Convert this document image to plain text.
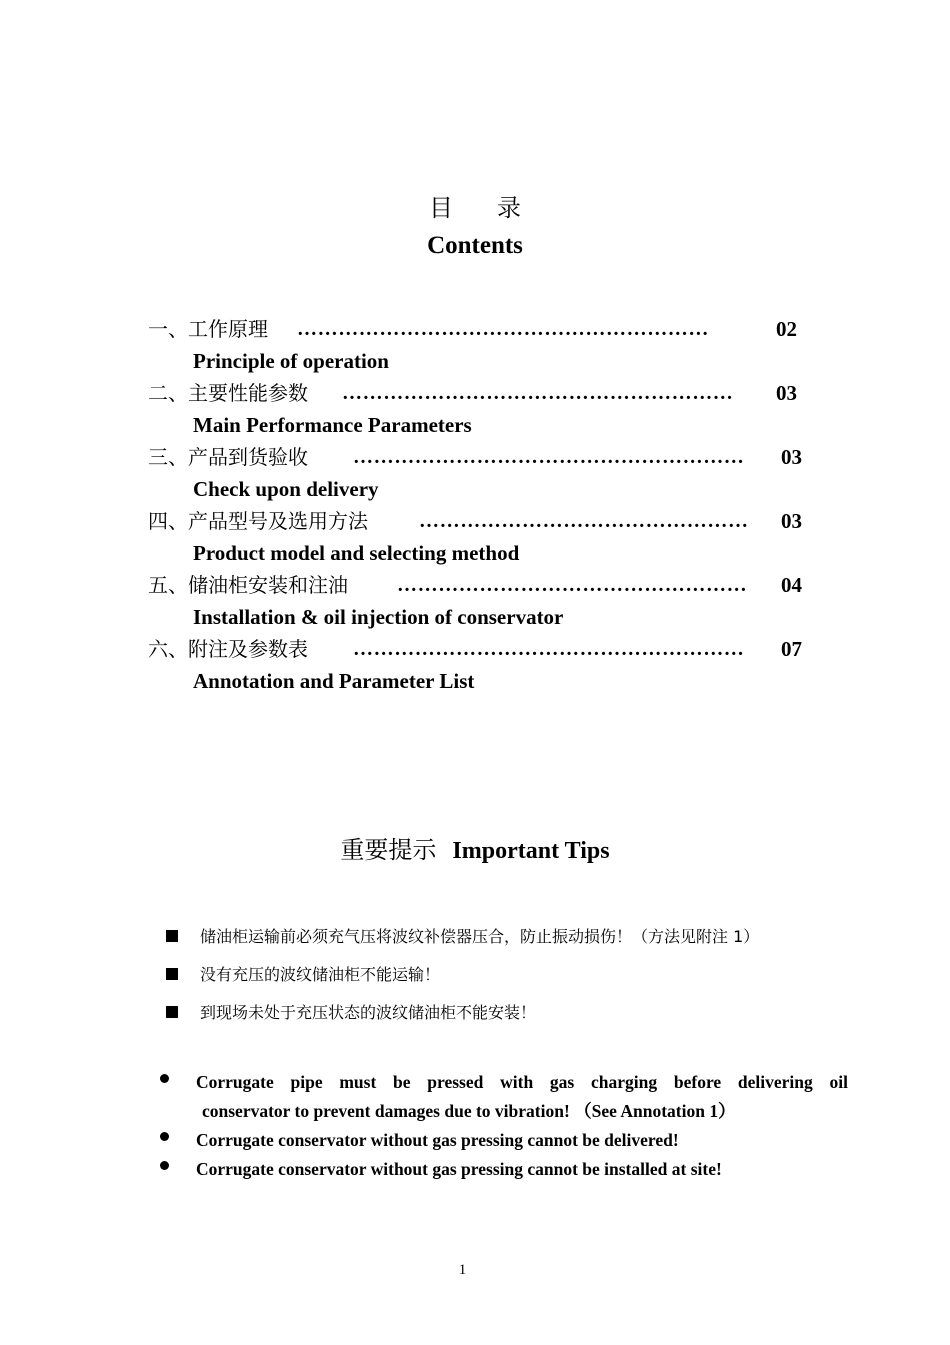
目录
Contents
一、工作原理 ……………………………………………………	02
Principle of operation
二、主要性能参数 …………………………………………………	03
Main Performance Parameters
三、产品到货验收 …………………………………………………	03
Check upon delivery
四、产品型号及选用方法	…………………………………………	03
Product model and selecting method
五、储油柜安装和注油 ……………………………………………	04
Installation & oil injection of conservator
六、附注及参数表 …………………………………………………	07
Annotation and Parameter List
重要提示 Important Tips
储油柜运输前必须充气压将波纹补偿器压合，防止振动损伤！（方法见附注 1）
没有充压的波纹储油柜不能运输！
到现场未处于充压状态的波纹储油柜不能安装！
Corrugate pipe must be pressed with gas charging before delivering oil
conservator to prevent damages due to vibration! （See Annotation 1）
Corrugate conservator without gas pressing cannot be delivered!
Corrugate conservator without gas pressing cannot be installed at site!
1
